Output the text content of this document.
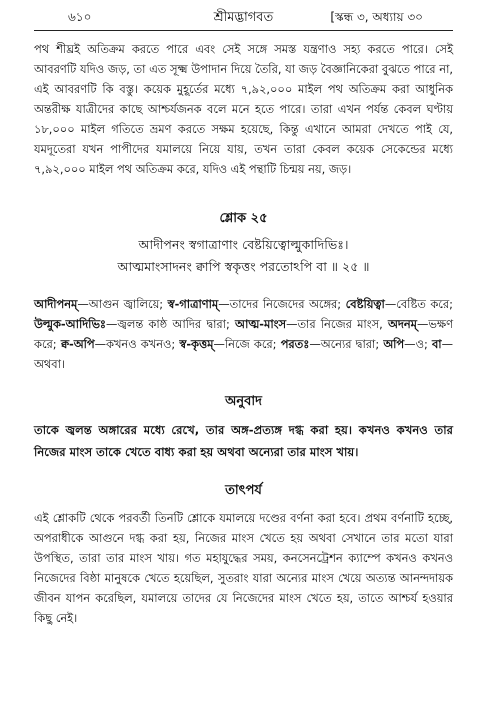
৬১০	শ্রীমদ্ভাগবত	[স্কন্ধ ৩, অধ্যায় ৩০

পথ শীঘ্রই অতিক্রম করতে পারে এবং সেই সঙ্গে সমস্ত যন্ত্রণাও সহ্য করতে পারে। সেই আবরণটি যদিও জড়, তা এত সূক্ষ্ম উপাদান দিয়ে তৈরি, যা জড় বৈজ্ঞানিকেরা বুঝতে পারে না, এই আবরণটি কি বস্তু। কয়েক মুহূর্তের মধ্যে ৭,৯২,০০০ মাইল পথ অতিক্রম করা আধুনিক অন্তরীক্ষ যাত্রীদের কাছে আশ্চর্যজনক বলে মনে হতে পারে। তারা এখন পর্যন্ত কেবল ঘণ্টায় ১৮,০০০ মাইল গতিতে ভ্রমণ করতে সক্ষম হয়েছে, কিন্তু এখানে আমরা দেখতে পাই যে, যমদূতেরা যখন পাপীদের যমালয়ে নিয়ে যায়, তখন তারা কেবল কয়েক সেকেন্ডের মধ্যে ৭,৯২,০০০ মাইল পথ অতিক্রম করে, যদিও এই পন্থাটি চিন্ময় নয়, জড়।

শ্লোক ২৫

আদীপনং স্বগাত্রাণাং বেষ্টয়িত্বোল্মুকাদিভিঃ।

আত্মমাংসাদনং ক্বাপি স্বকৃত্তং পরতোঽপি বা ॥ ২৫ ॥

আদীপনম্—আগুন জ্বালিয়ে; স্ব-গাত্রাণাম্—তাদের নিজেদের অঙ্গের; বেষ্টয়িত্বা—বেষ্টিত করে; উল্মুক-আদিভিঃ—জ্বলন্ত কাষ্ঠ আদির দ্বারা; আত্ম-মাংস—তার নিজের মাংস, অদনম্—ভক্ষণ করে; ক্ব-অপি—কখনও কখনও; স্ব-কৃত্তম্—নিজে করে; পরতঃ—অন্যের দ্বারা; অপি—ও; বা—অথবা।

অনুবাদ

তাকে জ্বলন্ত অঙ্গারের মধ্যে রেখে, তার অঙ্গ-প্রত্যঙ্গ দগ্ধ করা হয়। কখনও কখনও তার নিজের মাংস তাকে খেতে বাধ্য করা হয় অথবা অন্যেরা তার মাংস খায়।

তাৎপর্য

এই শ্লোকটি থেকে পরবর্তী তিনটি শ্লোকে যমালয়ে দণ্ডের বর্ণনা করা হবে। প্রথম বর্ণনাটি হচ্ছে, অপরাধীকে আগুনে দগ্ধ করা হয়, নিজের মাংস খেতে হয় অথবা সেখানে তার মতো যারা উপস্থিত, তারা তার মাংস খায়। গত মহাযুদ্ধের সময়, কনসেনট্রেশন ক্যাম্পে কখনও কখনও নিজেদের বিষ্ঠা মানুষকে খেতে হয়েছিল, সুতরাং যারা অন্যের মাংস খেয়ে অত্যন্ত আনন্দদায়ক জীবন যাপন করেছিল, যমালয়ে তাদের যে নিজেদের মাংস খেতে হয়, তাতে আশ্চর্য হওয়ার কিছু নেই।
